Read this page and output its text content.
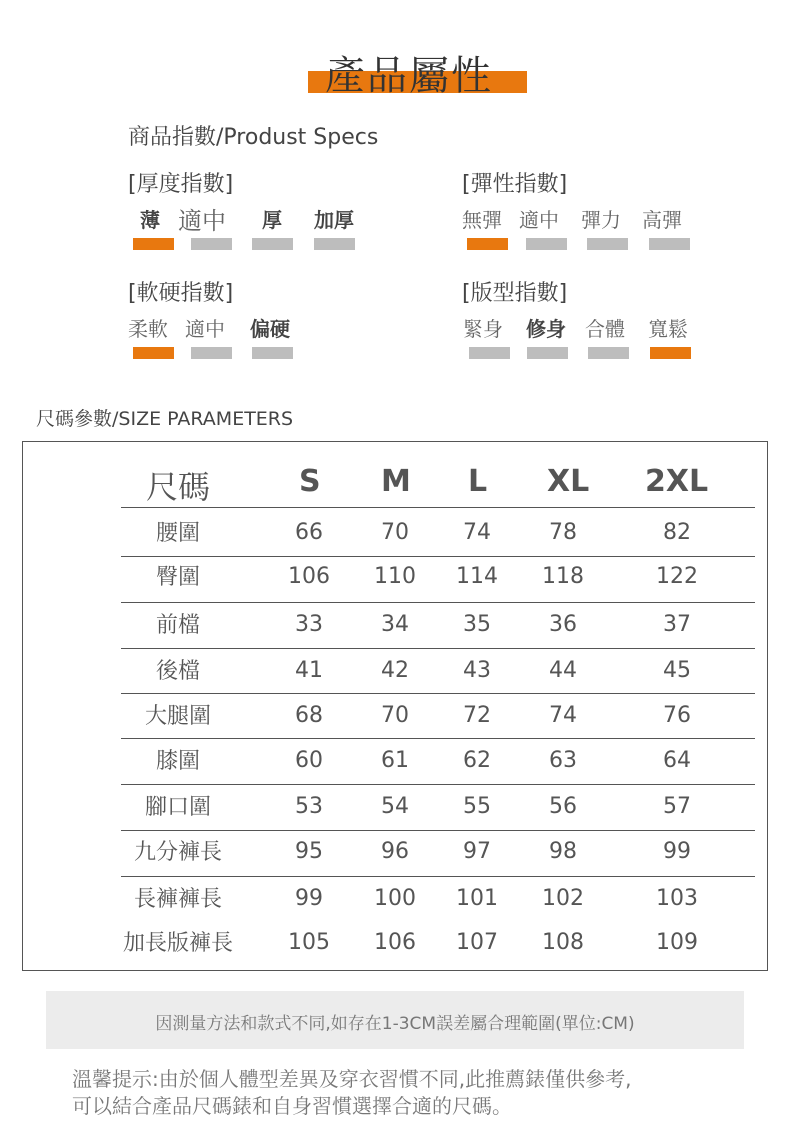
產品屬性
商品指數/Produst Specs
[厚度指數]
薄 適中 厚 加厚
[彈性指數]
無彈 適中 彈力 高彈
[軟硬指數]
柔軟 適中 偏硬
[版型指數]
緊身 修身 合體 寬鬆
尺碼參數/SIZE PARAMETERS
尺碼	S M L XL 2XL
腰圍	66	70	74	78	82
臀圍	106	110	114	118	122
前檔	33	34	35	36	37
後檔	41	42	43	44	45
大腿圍	68	70	72	74	76
膝圍	60	61	62	63	64
腳口圍	53	54	55	56	57
九分褲長	95	96	97	98	99
長褲褲長	99	100	101	102	103
加長版褲長	105	106	107	108	109
因測量方法和款式不同,如存在1-3CM誤差屬合理範圍(單位:CM)
溫馨提示:由於個人體型差異及穿衣習慣不同,此推薦錶僅供參考,
可以結合產品尺碼錶和自身習慣選擇合適的尺碼。
